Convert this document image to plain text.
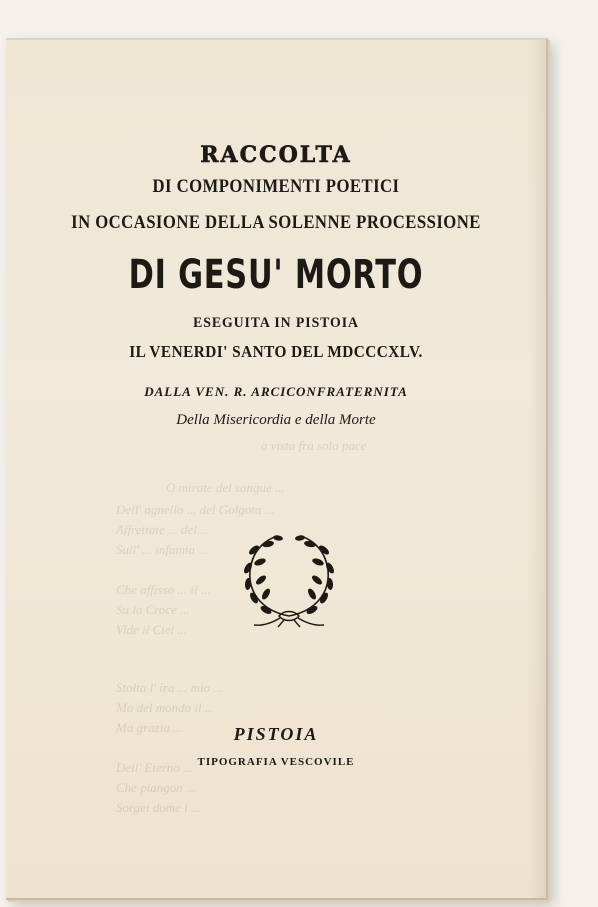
a vista fra sola pace
O mirate del sangue ...
Dell' agnello ... del Golgota ...
Affrettate ... del ...
Sull' ... infamia ...
Che affisso ... il ...
Su la Croce ...
Vide il Ciel ...
Stolta l' ira ... mio ...
Ma del mondo il ...
Ma grazia ...
Dell' Eterno ...
Che piangon ...
Sorgei dome i ...
RACCOLTA
DI COMPONIMENTI POETICI
IN OCCASIONE DELLA SOLENNE PROCESSIONE
DI GESU' MORTO
ESEGUITA IN PISTOIA
IL VENERDI' SANTO DEL MDCCCXLV.
DALLA VEN. R. ARCICONFRATERNITA
Della Misericordia e della Morte
PISTOIA
TIPOGRAFIA VESCOVILE
